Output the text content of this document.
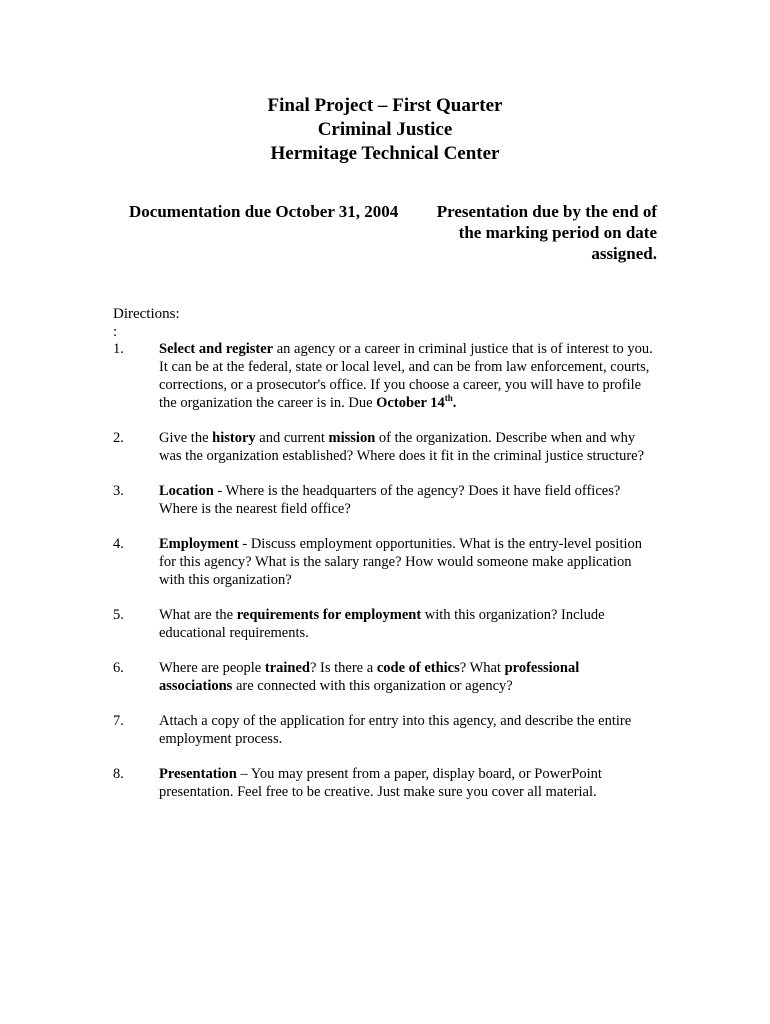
Final Project – First Quarter
Criminal Justice
Hermitage Technical Center
Documentation due October 31, 2004	Presentation due by the end of the marking period on date assigned.
Directions:
:
1. Select and register an agency or a career in criminal justice that is of interest to you. It can be at the federal, state or local level, and can be from law enforcement, courts, corrections, or a prosecutor's office. If you choose a career, you will have to profile the organization the career is in. Due October 14th.
2. Give the history and current mission of the organization. Describe when and why was the organization established? Where does it fit in the criminal justice structure?
3. Location - Where is the headquarters of the agency? Does it have field offices? Where is the nearest field office?
4. Employment - Discuss employment opportunities. What is the entry-level position for this agency? What is the salary range? How would someone make application with this organization?
5. What are the requirements for employment with this organization? Include educational requirements.
6. Where are people trained? Is there a code of ethics? What professional associations are connected with this organization or agency?
7. Attach a copy of the application for entry into this agency, and describe the entire employment process.
8. Presentation – You may present from a paper, display board, or PowerPoint presentation. Feel free to be creative. Just make sure you cover all material.
